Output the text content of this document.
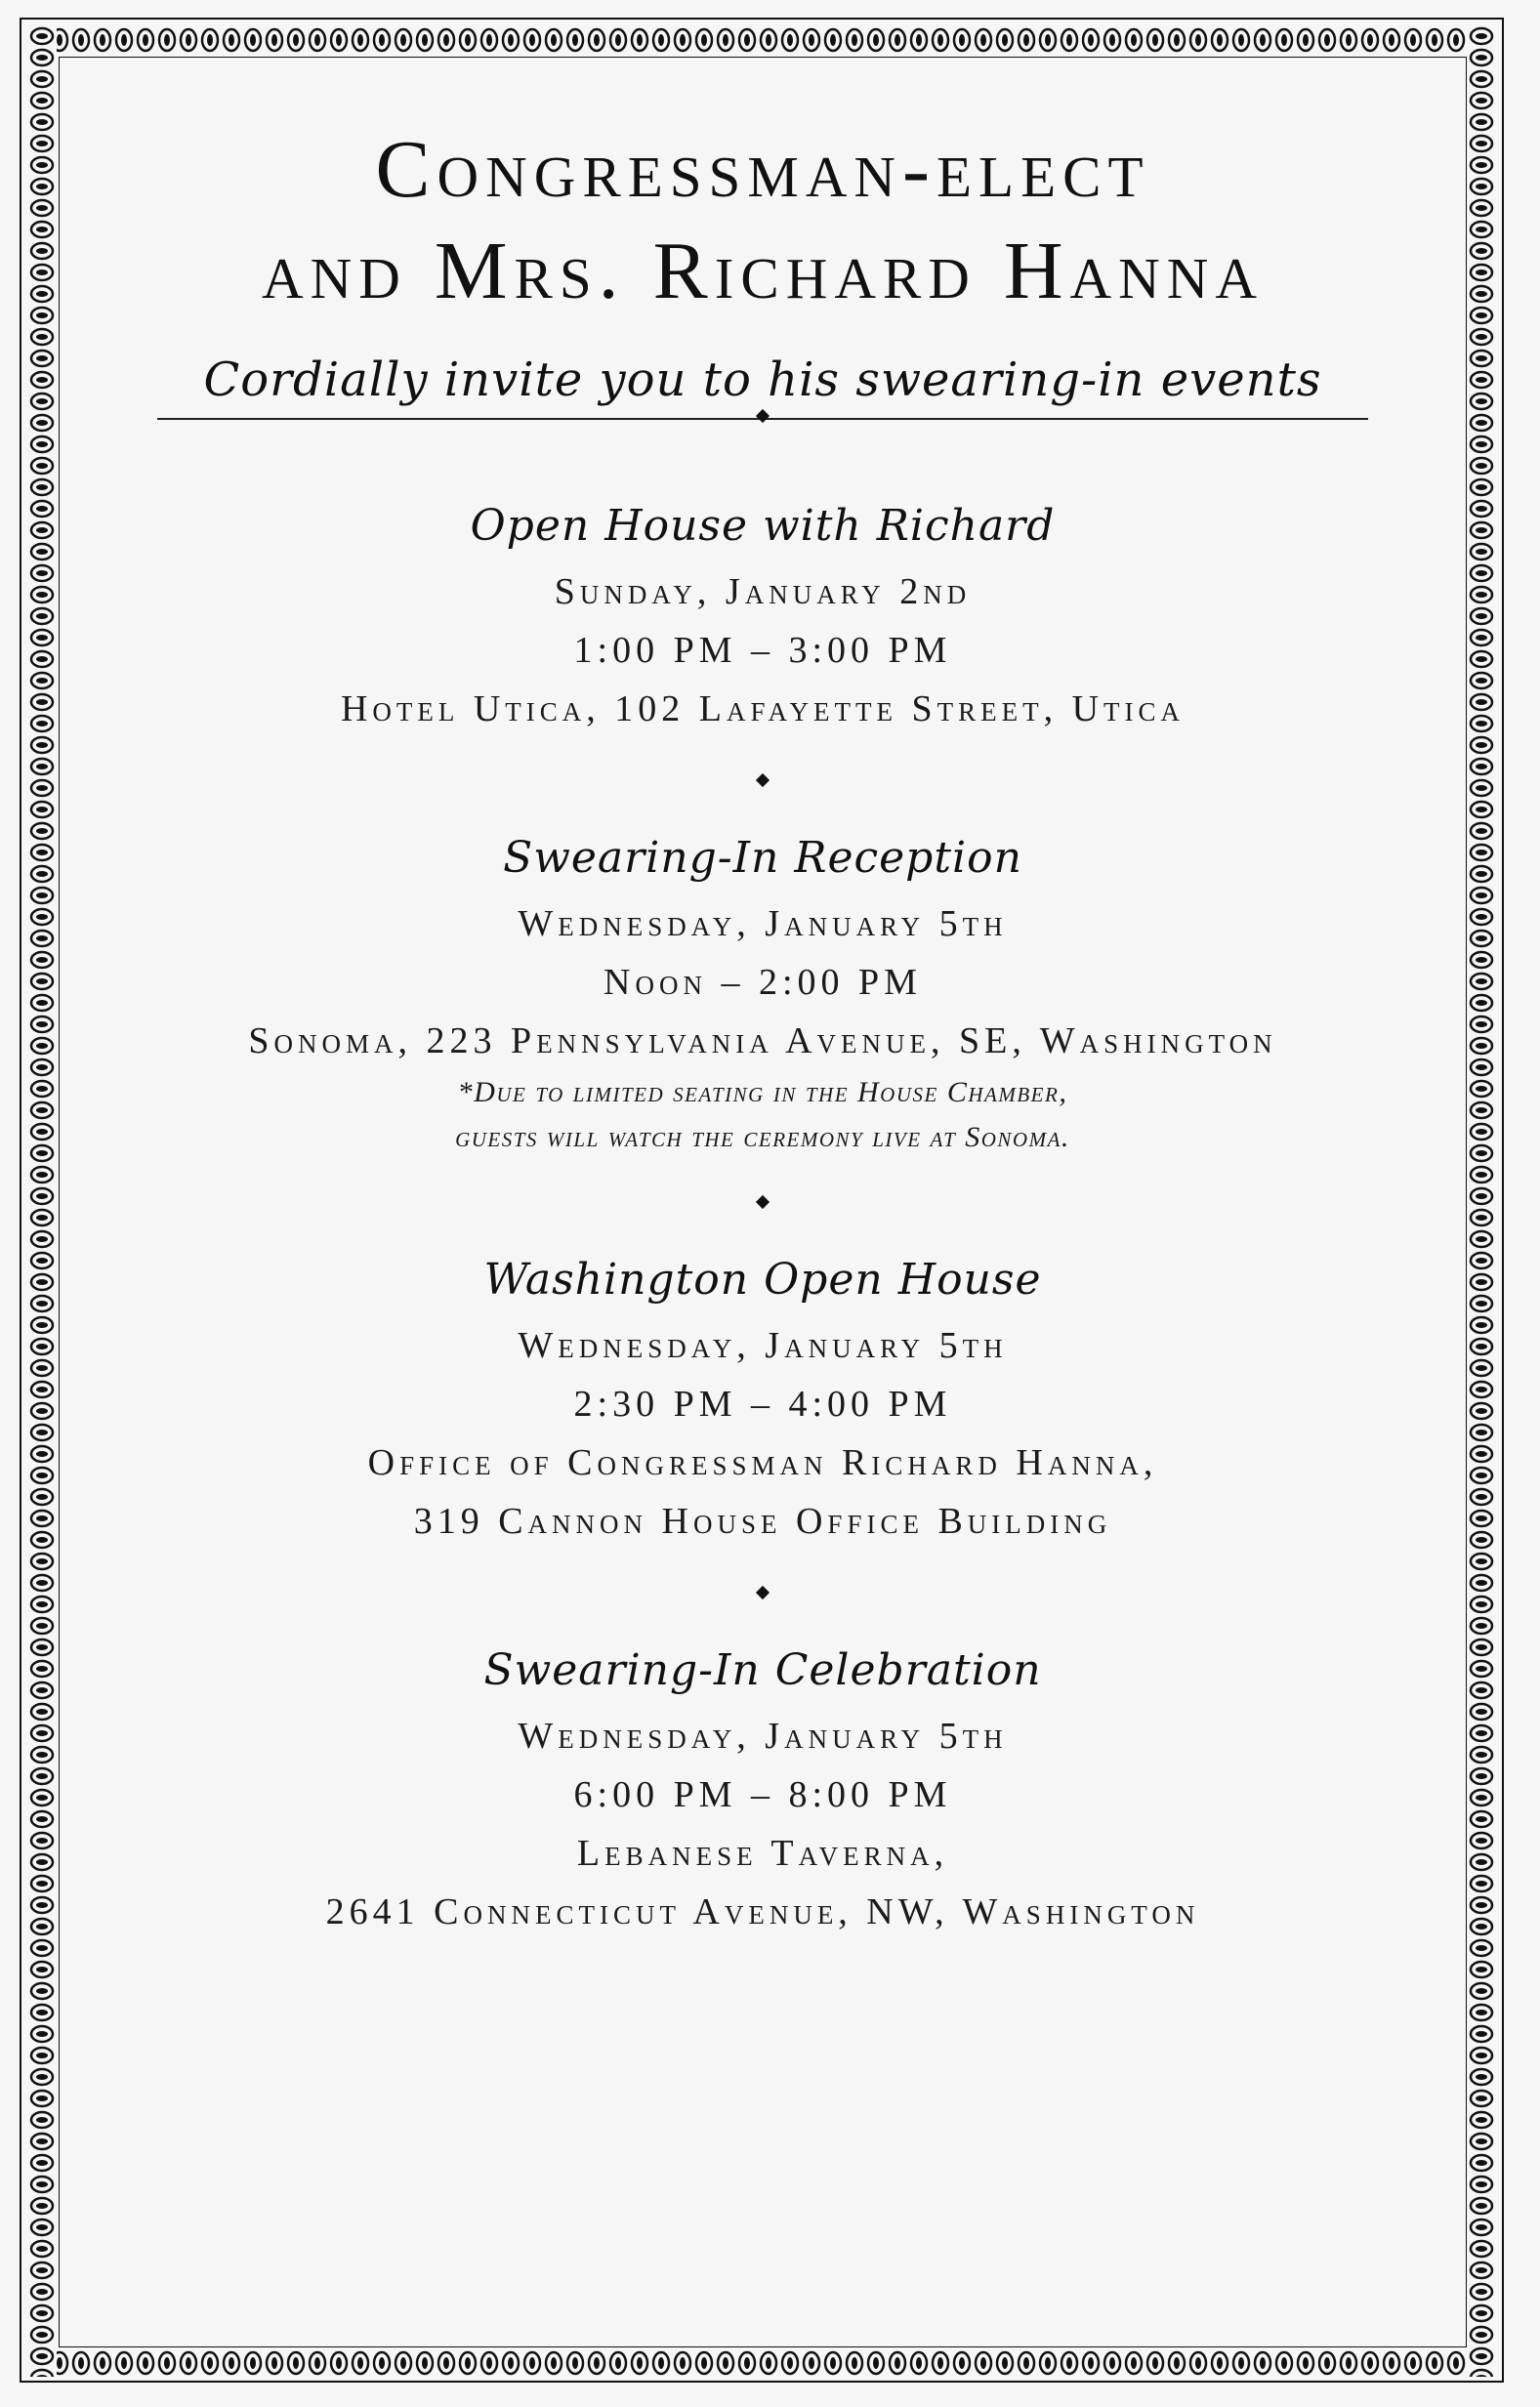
Congressman-elect
and Mrs. Richard Hanna
Cordially invite you to his swearing-in events
Open House with Richard
Sunday, January 2nd
1:00 PM – 3:00 PM
Hotel Utica, 102 Lafayette Street, Utica
Swearing-In Reception
Wednesday, January 5th
Noon – 2:00 PM
Sonoma, 223 Pennsylvania Avenue, SE, Washington
*Due to limited seating in the House Chamber,
guests will watch the ceremony live at Sonoma.
Washington Open House
Wednesday, January 5th
2:30 PM – 4:00 PM
Office of Congressman Richard Hanna,
319 Cannon House Office Building
Swearing-In Celebration
Wednesday, January 5th
6:00 PM – 8:00 PM
Lebanese Taverna,
2641 Connecticut Avenue, NW, Washington
